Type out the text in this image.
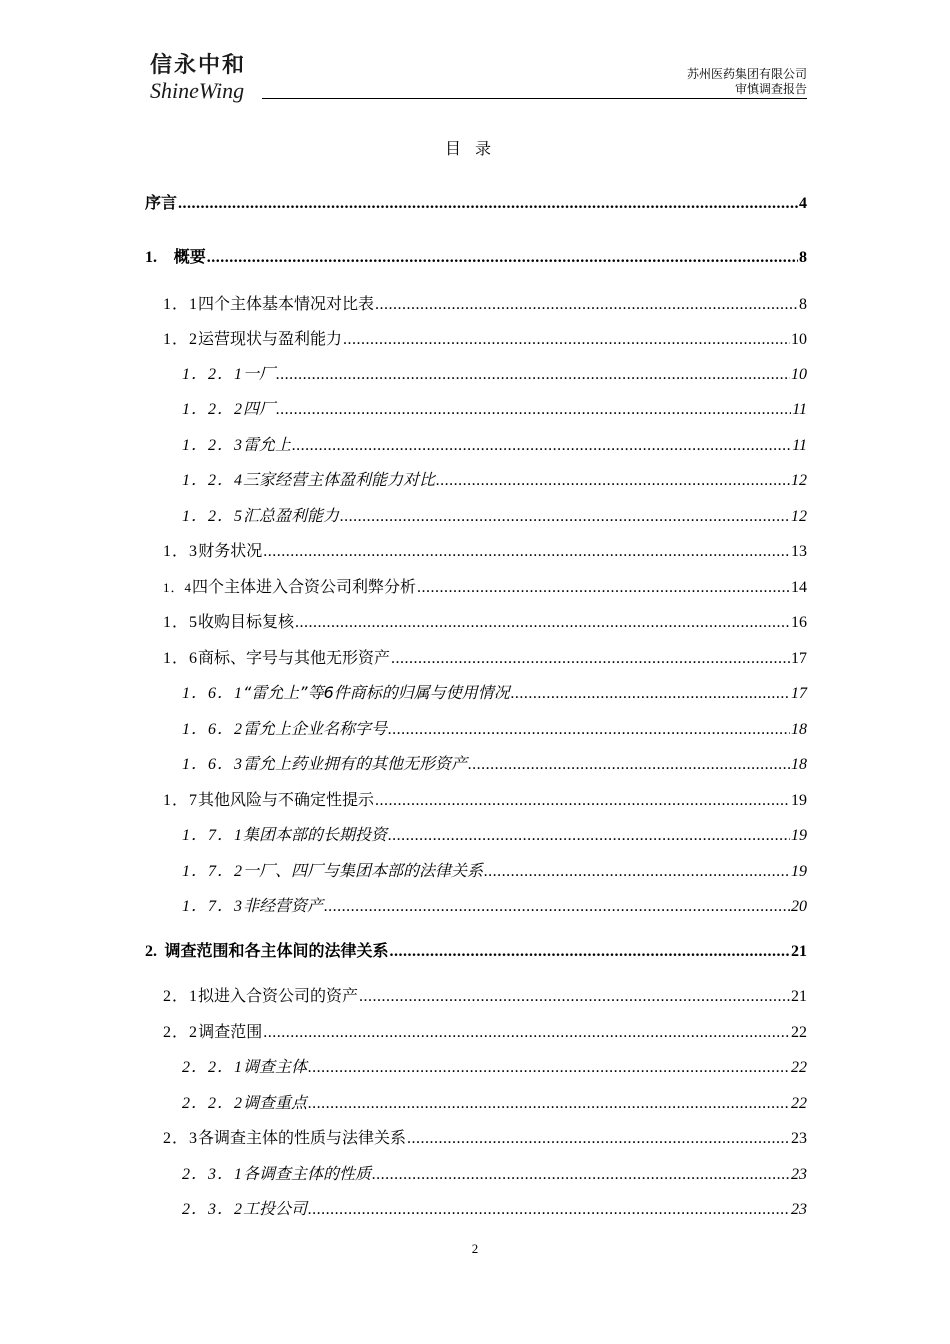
信永中和
ShineWing
苏州医药集团有限公司
审慎调查报告
目录
序 言 .....	4
1.	概要 .....	8
1．1 四个主体基本情况对比表 .....	8
1．2 运营现状与盈利能力 .....	10
1．2．1 一厂 .....	10
1．2．2 四厂 .....	11
1．2．3 雷允上 .....	11
1．2．4 三家经营主体盈利能力对比 .....	12
1．2．5 汇总盈利能力 .....	12
1．3 财务状况 .....	13
1．4 四个主体进入合资公司利弊分析 .....	14
1．5 收购目标复核 .....	16
1．6 商标、字号与其他无形资产 .....	17
1．6．1 “雷允上”等6件商标的归属与使用情况 .....	17
1．6．2 雷允上企业名称字号 .....	18
1．6．3 雷允上药业拥有的其他无形资产 .....	18
1．7 其他风险与不确定性提示 .....	19
1．7．1 集团本部的长期投资 .....	19
1．7．2 一厂、四厂与集团本部的法律关系 .....	19
1．7．3 非经营资产 .....	20
2. 调查范围和各主体间的法律关系 .....	21
2．1 拟进入合资公司的资产 .....	21
2．2 调查范围 .....	22
2．2．1 调查主体 .....	22
2．2．2 调查重点 .....	22
2．3 各调查主体的性质与法律关系 .....	23
2．3．1 各调查主体的性质 .....	23
2．3．2 工投公司 .....	23
2
